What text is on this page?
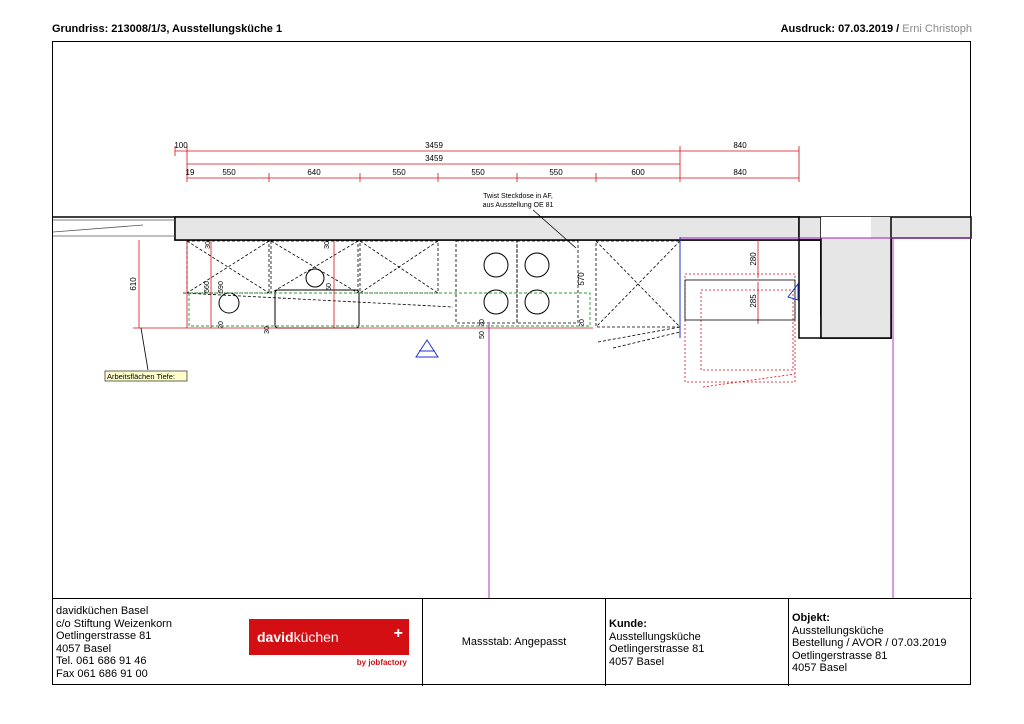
Grundriss: 213008/1/3, Ausstellungsküche 1	Ausdruck: 07.03.2019 / Erni Christoph
100	3459	840
3459
19	550	640	550	550	550	600	840
610	570
280
285
30
560 590	50
30
20	20
20
30
50
Twist Steckdose in AF,
aus Ausstellung OE 81
Arbeitsflächen Tiefe:
davidküchen Basel
c/o Stiftung Weizenkorn
Oetlingerstrasse 81
4057 Basel
Tel. 061 686 91 46
Fax 061 686 91 00
davidküchen	+
by jobfactory
Massstab: Angepasst
Kunde:
Ausstellungsküche
Oetlingerstrasse 81
4057 Basel
Objekt:
Ausstellungsküche
Bestellung / AVOR / 07.03.2019
Oetlingerstrasse 81
4057 Basel
